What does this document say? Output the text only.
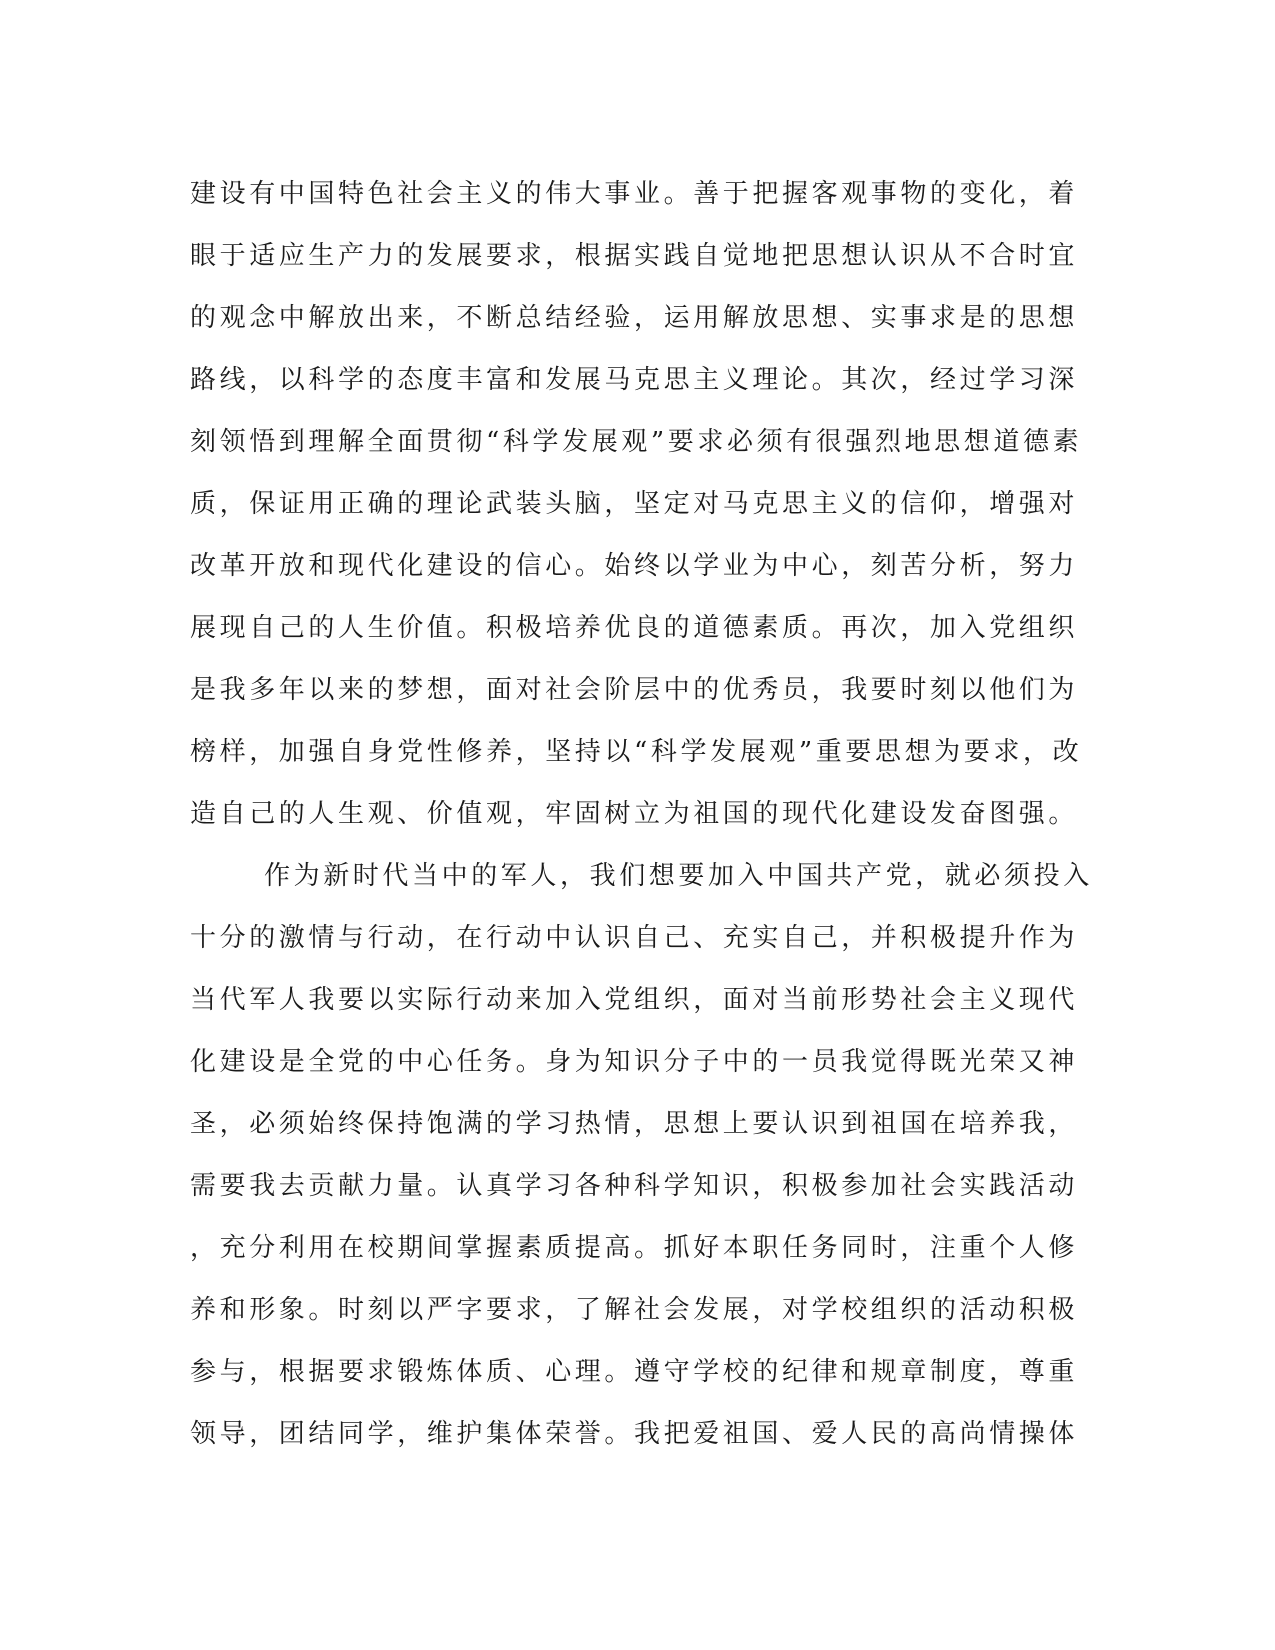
建设有中国特色社会主义的伟大事业。善于把握客观事物的变化，着
眼于适应生产力的发展要求，根据实践自觉地把思想认识从不合时宜
的观念中解放出来，不断总结经验，运用解放思想、实事求是的思想
路线，以科学的态度丰富和发展马克思主义理论。其次，经过学习深
刻领悟到理解全面贯彻“科学发展观”要求必须有很强烈地思想道德素
质，保证用正确的理论武装头脑，坚定对马克思主义的信仰，增强对
改革开放和现代化建设的信心。始终以学业为中心，刻苦分析，努力
展现自己的人生价值。积极培养优良的道德素质。再次，加入党组织
是我多年以来的梦想，面对社会阶层中的优秀员，我要时刻以他们为
榜样，加强自身党性修养，坚持以“科学发展观”重要思想为要求，改
造自己的人生观、价值观，牢固树立为祖国的现代化建设发奋图强。
作为新时代当中的军人，我们想要加入中国共产党，就必须投入
十分的激情与行动，在行动中认识自己、充实自己，并积极提升作为
当代军人我要以实际行动来加入党组织，面对当前形势社会主义现代
化建设是全党的中心任务。身为知识分子中的一员我觉得既光荣又神
圣，必须始终保持饱满的学习热情，思想上要认识到祖国在培养我，
需要我去贡献力量。认真学习各种科学知识，积极参加社会实践活动
，充分利用在校期间掌握素质提高。抓好本职任务同时，注重个人修
养和形象。时刻以严字要求，了解社会发展，对学校组织的活动积极
参与，根据要求锻炼体质、心理。遵守学校的纪律和规章制度，尊重
领导，团结同学，维护集体荣誉。我把爱祖国、爱人民的高尚情操体
